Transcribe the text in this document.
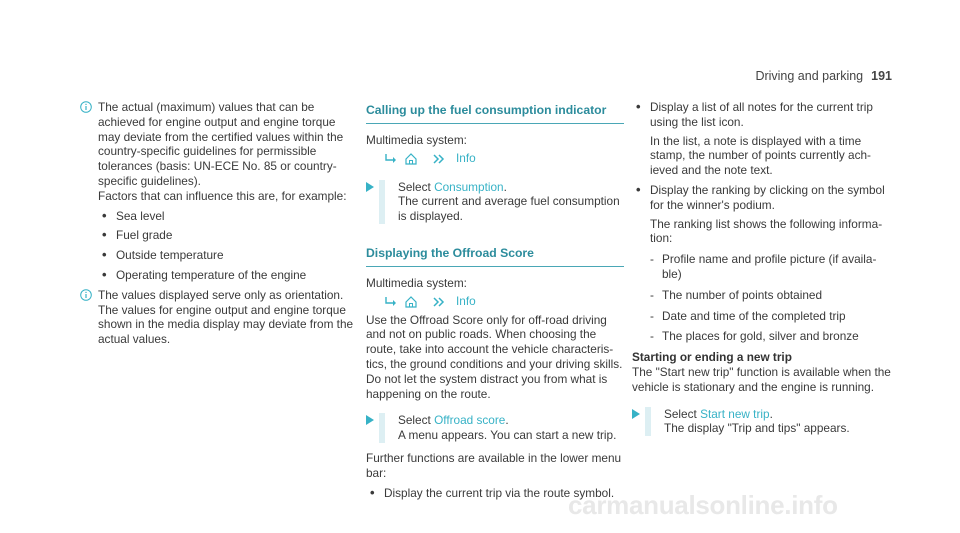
Driving and parking 191

The actual (maximum) values that can be achieved for engine output and engine torque may deviate from the certified values within the country-specific guidelines for permissible tolerances (basis: UN-ECE No. 85 or country-specific guidelines).

Factors that can influence this are, for example:

• Sea level
• Fuel grade
• Outside temperature
• Operating temperature of the engine

The values displayed serve only as orientation. The values for engine output and engine torque shown in the media display may deviate from the actual values.

Calling up the fuel consumption indicator

Multimedia system:

Info
Select Consumption.

The current and average fuel consumption is displayed.

Displaying the Offroad Score

Multimedia system:

Info

Use the Offroad Score only for off-road driving and not on public roads. When choosing the route, take into account the vehicle characteristics, the ground conditions and your driving skills. Do not let the system distract you from what is happening on the route.

Select Offroad score.

A menu appears. You can start a new trip.

Further functions are available in the lower menu bar:

• Display the current trip via the route symbol.
• Display a list of all notes for the current trip using the list icon.

In the list, a note is displayed with a time stamp, the number of points currently achieved and the note text.

• Display the ranking by clicking on the symbol for the winner's podium.

The ranking list shows the following information:

- Profile name and profile picture (if available)
- The number of points obtained
- Date and time of the completed trip
- The places for gold, silver and bronze

Starting or ending a new trip

The "Start new trip" function is available when the vehicle is stationary and the engine is running.

Select Start new trip.

The display "Trip and tips" appears.

carmanualsonline.info
